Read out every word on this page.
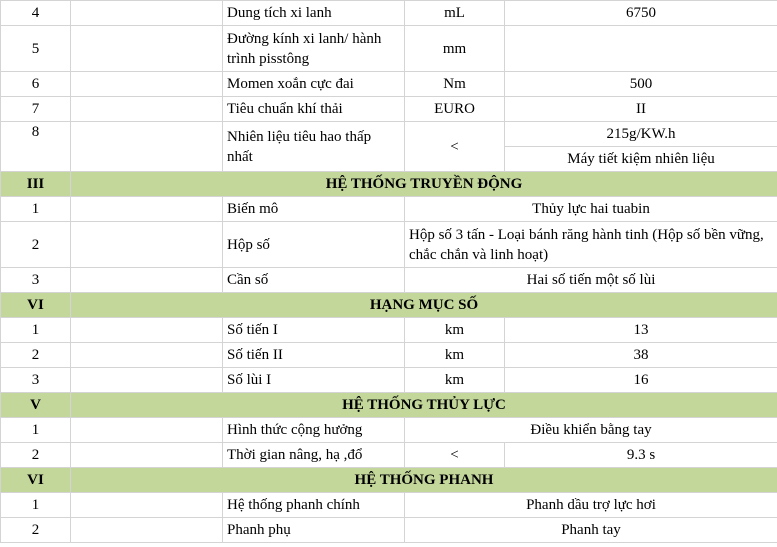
4		Dung tích xi lanh	mL	6750
5		Đường kính xi lanh/ hành trình pisstông	mm	
6		Momen xoắn cực đai	Nm	500
7		Tiêu chuẩn khí thải	EURO	II
8		Nhiên liệu tiêu hao thấp nhất	<	215g/KW.h
				Máy tiết kiệm nhiên liệu
III	HỆ THỐNG TRUYỀN ĐỘNG			
1		Biến mô	Thủy lực hai tuabin	
2		Hộp số	Hộp số 3 tấn - Loại bánh răng hành tinh (Hộp số bền vững, chắc chắn và linh hoạt)	
3		Cần số	Hai số tiến một số lùi	
VI	HẠNG MỤC SỐ			
1		Số tiến I	km	13
2		Số tiến II	km	38
3		Số lùi I	km	16
V	HỆ THỐNG THỦY LỰC			
1		Hình thức cộng hưởng	Điều khiển bằng tay	
2		Thời gian nâng, hạ ,đổ	<	9.3 s
VI	HỆ THỐNG PHANH			
1		Hệ thống phanh chính	Phanh dầu trợ lực hơi	
2		Phanh phụ	Phanh tay	
